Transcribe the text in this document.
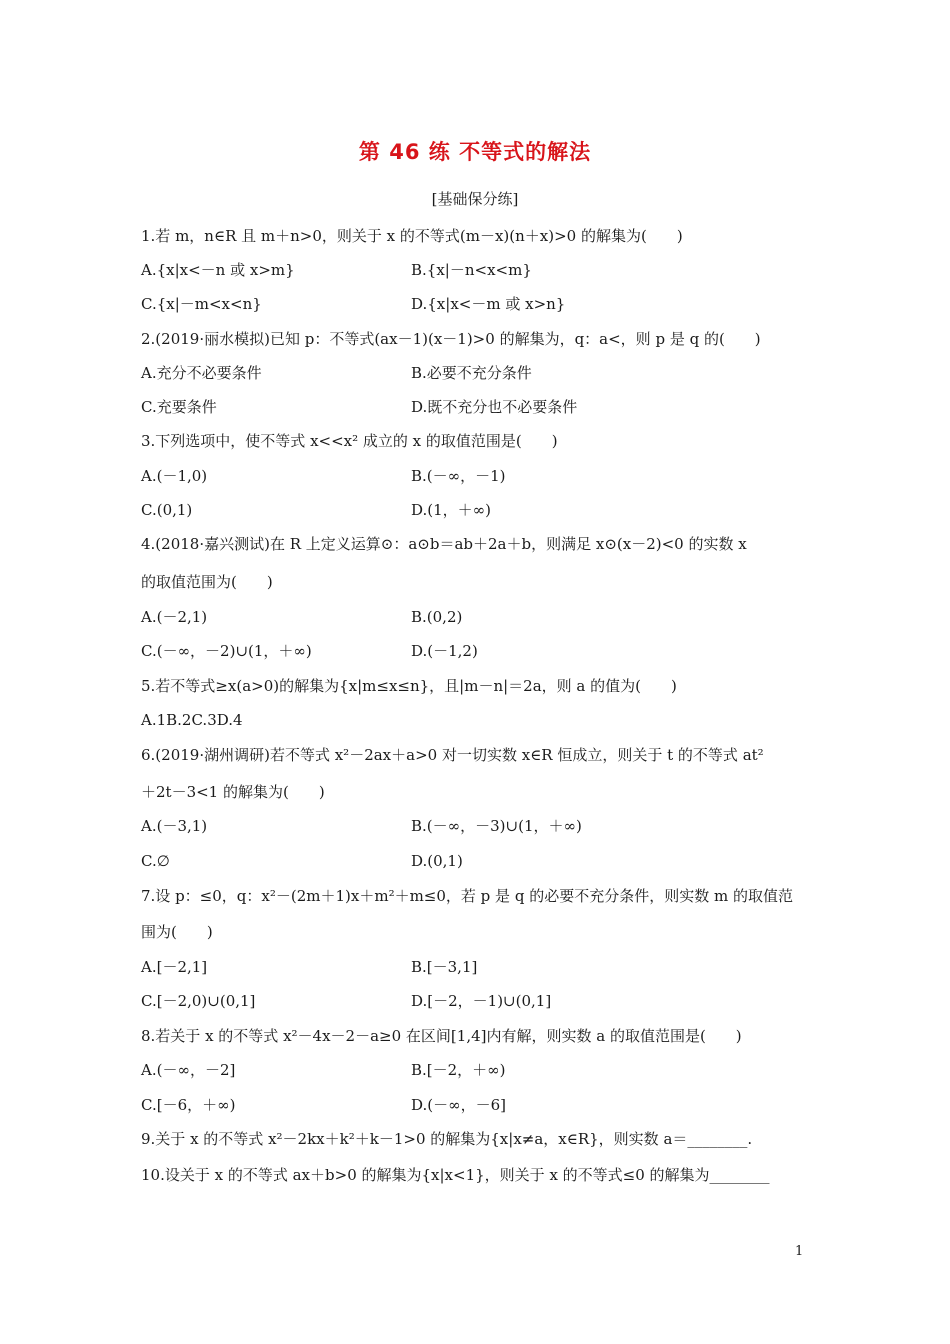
第 46 练 不等式的解法
[基础保分练]
1.若 m，n∈R 且 m＋n>0，则关于 x 的不等式(m－x)(n＋x)>0 的解集为(　　)
A.{x|x<－n 或 x>m}	B.{x|－n<x<m}
C.{x|－m<x<n}	D.{x|x<－m 或 x>n}
2.(2019·丽水模拟)已知 p：不等式(ax－1)(x－1)>0 的解集为，q：a<，则 p 是 q 的(　　)
A.充分不必要条件	B.必要不充分条件
C.充要条件	D.既不充分也不必要条件
3.下列选项中，使不等式 x<<x² 成立的 x 的取值范围是(　　)
A.(－1,0)	B.(－∞，－1)
C.(0,1)	D.(1，＋∞)
4.(2018·嘉兴测试)在 R 上定义运算⊙：a⊙b＝ab＋2a＋b，则满足 x⊙(x－2)<0 的实数 x
的取值范围为(　　)
A.(－2,1)	B.(0,2)
C.(－∞，－2)∪(1，＋∞)	D.(－1,2)
5.若不等式≥x(a>0)的解集为{x|m≤x≤n}，且|m－n|＝2a，则 a 的值为(　　)
A.1B.2C.3D.4
6.(2019·湖州调研)若不等式 x²－2ax＋a>0 对一切实数 x∈R 恒成立，则关于 t 的不等式 at²
＋2t－3<1 的解集为(　　)
A.(－3,1)	B.(－∞，－3)∪(1，＋∞)
C.∅	D.(0,1)
7.设 p：≤0，q：x²－(2m＋1)x＋m²＋m≤0，若 p 是 q 的必要不充分条件，则实数 m 的取值范
围为(　　)
A.[－2,1]	B.[－3,1]
C.[－2,0)∪(0,1]	D.[－2，－1)∪(0,1]
8.若关于 x 的不等式 x²－4x－2－a≥0 在区间[1,4]内有解，则实数 a 的取值范围是(　　)
A.(－∞，－2]	B.[－2，＋∞)
C.[－6，＋∞)	D.(－∞，－6]
9.关于 x 的不等式 x²－2kx＋k²＋k－1>0 的解集为{x|x≠a，x∈R}，则实数 a＝________.
10.设关于 x 的不等式 ax＋b>0 的解集为{x|x<1}，则关于 x 的不等式≤0 的解集为________
1
